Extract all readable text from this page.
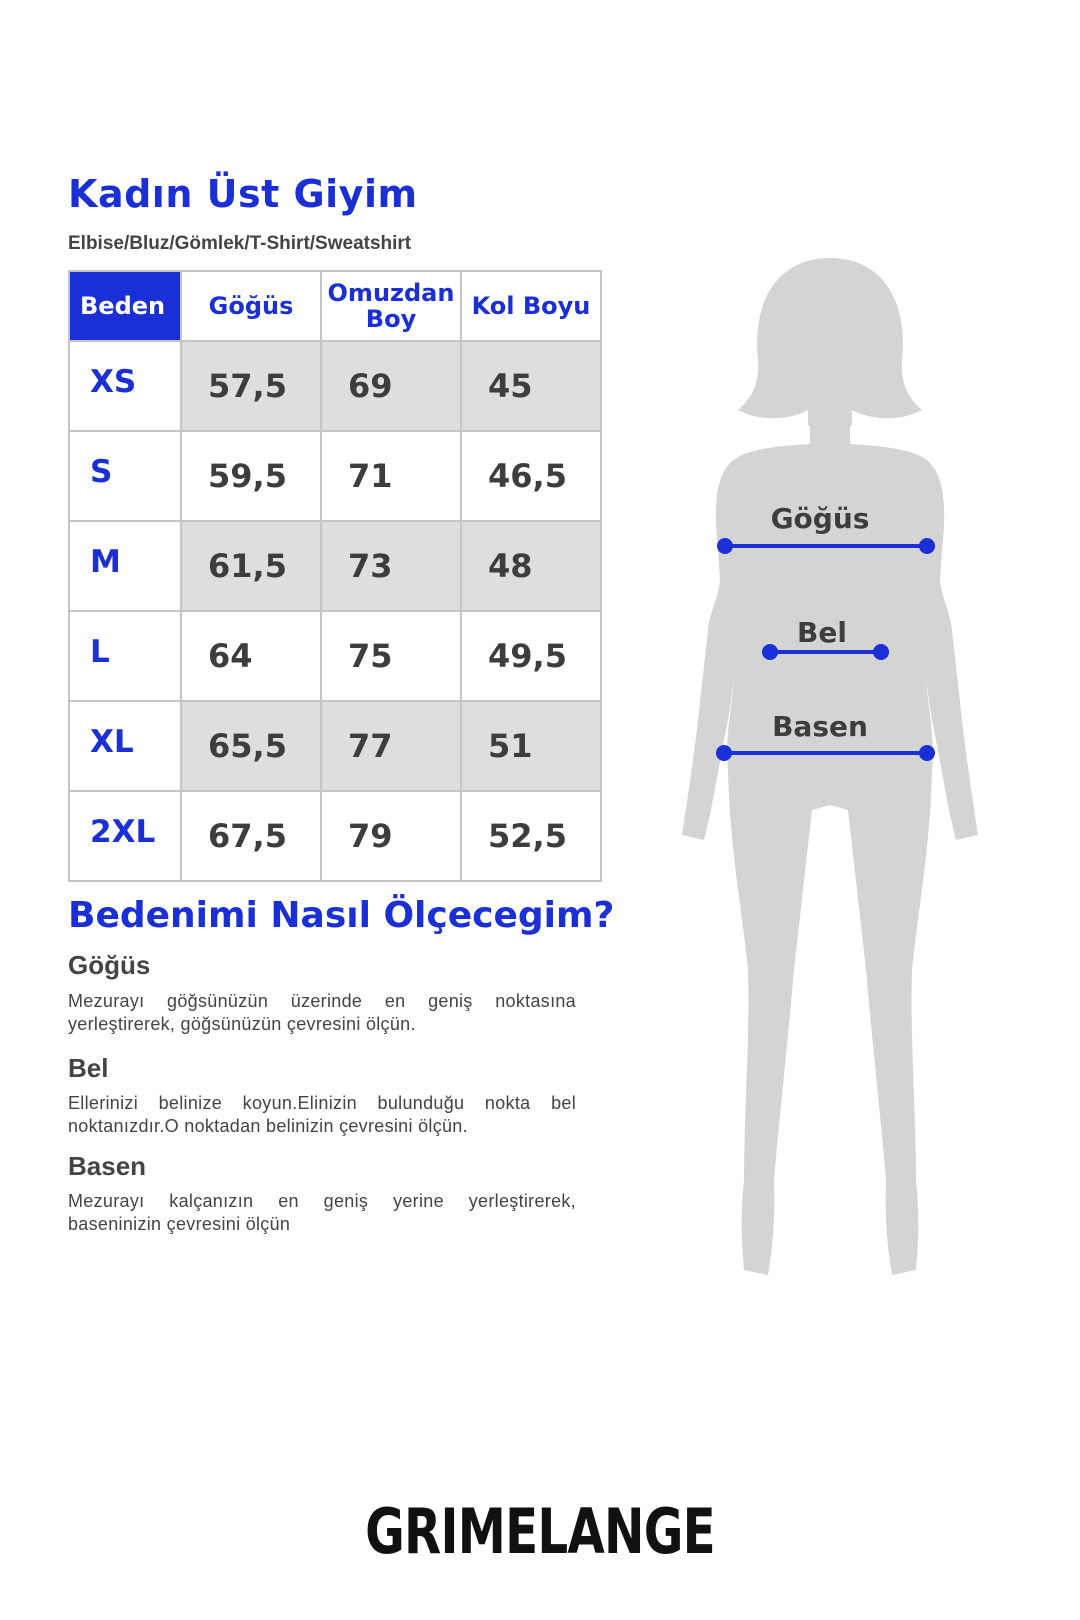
Kadın Üst Giyim

Elbise/Bluz/Gömlek/T-Shirt/Sweatshirt

Beden	Göğüs	Omuzdan Boy	Kol Boyu
XS	57,5	69	45
S	59,5	71	46,5
M	61,5	73	48
L	64	75	49,5
XL	65,5	77	51
2XL	67,5	79	52,5
Bedenimi Nasıl Ölçecegim?
Göğüs

Mezurayı göğsünüzün üzerinde en geniş noktasına yerleştirerek, göğsünüzün çevresini ölçün.

Bel

Ellerinizi belinize koyun.Elinizin bulunduğu nokta bel noktanızdır.O noktadan belinizin çevresini ölçün.

Basen

Mezurayı kalçanızın en geniş yerine yerleştirerek, baseninizin çevresini ölçün

Göğüs
Bel
Basen

GRIMELANGE
